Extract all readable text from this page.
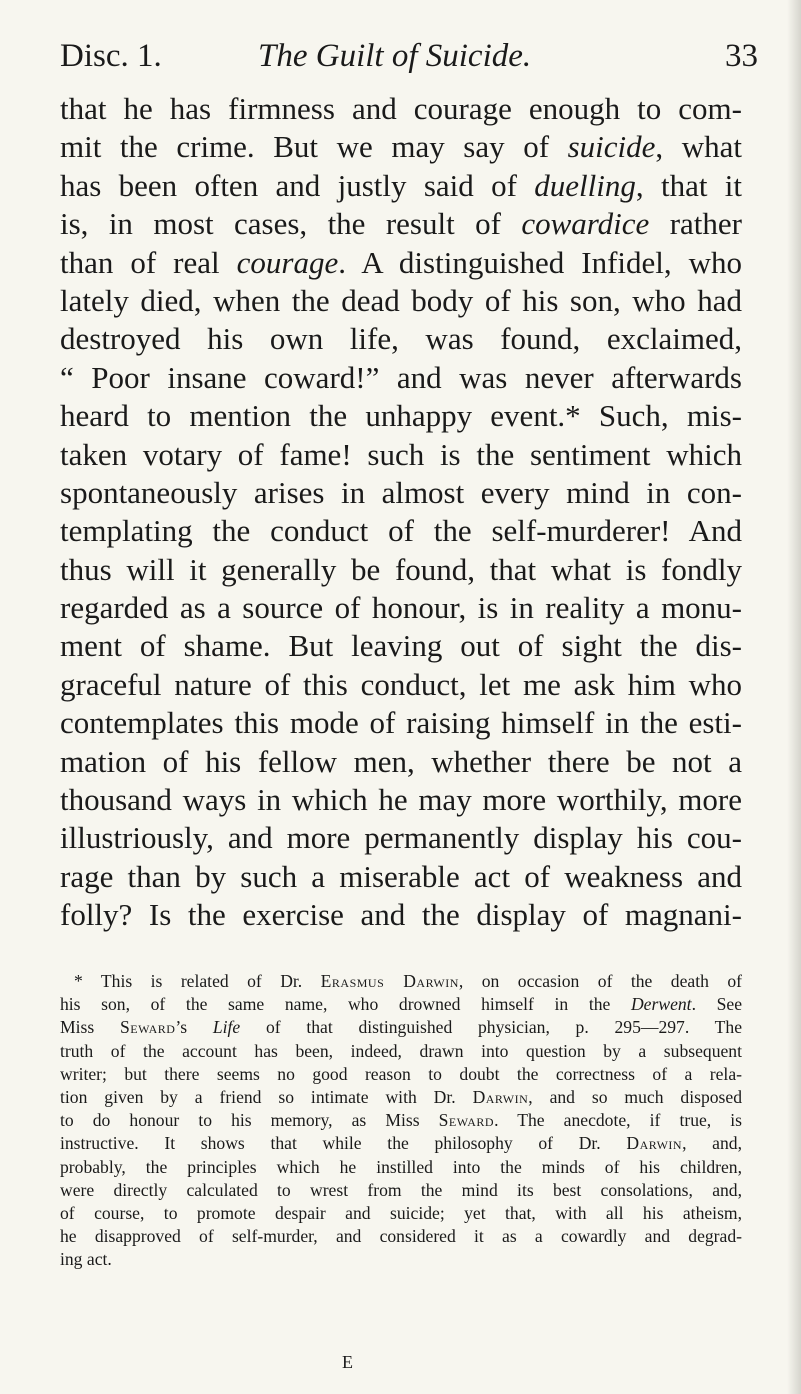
Disc. 1.	The Guilt of Suicide.	33
that he has firmness and courage enough to com-
mit the crime. But we may say of suicide, what
has been often and justly said of duelling, that it
is, in most cases, the result of cowardice rather
than of real courage. A distinguished Infidel, who
lately died, when the dead body of his son, who had
destroyed his own life, was found, exclaimed,
“ Poor insane coward!” and was never afterwards
heard to mention the unhappy event.* Such, mis-
taken votary of fame! such is the sentiment which
spontaneously arises in almost every mind in con-
templating the conduct of the self-murderer! And
thus will it generally be found, that what is fondly
regarded as a source of honour, is in reality a monu-
ment of shame. But leaving out of sight the dis-
graceful nature of this conduct, let me ask him who
contemplates this mode of raising himself in the esti-
mation of his fellow men, whether there be not a
thousand ways in which he may more worthily, more
illustriously, and more permanently display his cou-
rage than by such a miserable act of weakness and
folly? Is the exercise and the display of magnani-
* This is related of Dr. Erasmus Darwin, on occasion of the death of
his son, of the same name, who drowned himself in the Derwent. See
Miss Seward’s Life of that distinguished physician, p. 295—297. The
truth of the account has been, indeed, drawn into question by a subsequent
writer; but there seems no good reason to doubt the correctness of a rela-
tion given by a friend so intimate with Dr. Darwin, and so much disposed
to do honour to his memory, as Miss Seward. The anecdote, if true, is
instructive. It shows that while the philosophy of Dr. Darwin, and,
probably, the principles which he instilled into the minds of his children,
were directly calculated to wrest from the mind its best consolations, and,
of course, to promote despair and suicide; yet that, with all his atheism,
he disapproved of self-murder, and considered it as a cowardly and degrad-
ing act.
E
